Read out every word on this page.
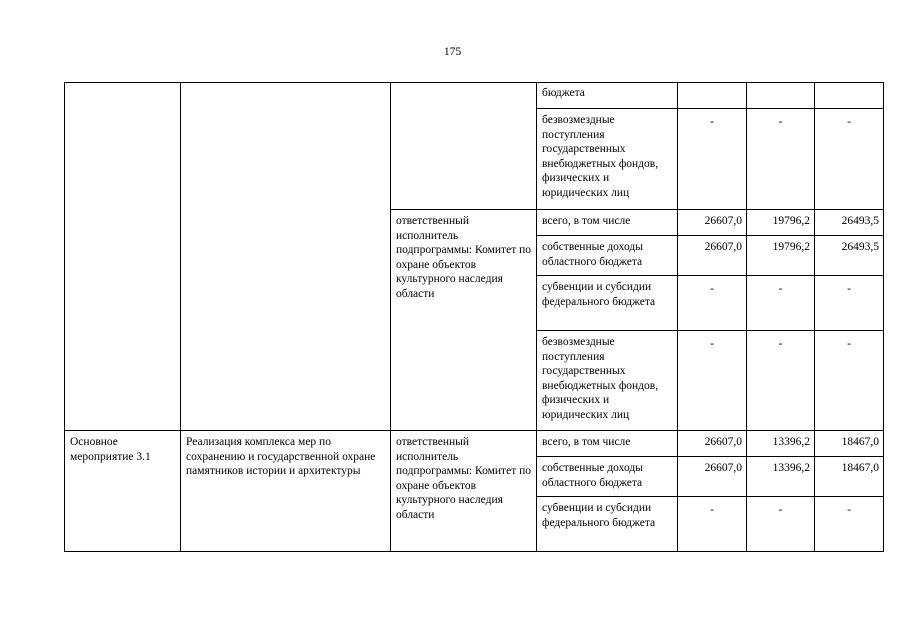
175
			бюджета			
			безвозмездные поступления государственных внебюджетных фондов, физических и юридических лиц	-	-	-
		ответственный исполнитель подпрограммы: Комитет по охране объектов культурного наследия области	всего, в том числе	26607,0	19796,2	26493,5
			собственные доходы областного бюджета	26607,0	19796,2	26493,5
			субвенции и субсидии федерального бюджета	-	-	-
			безвозмездные поступления государственных внебюджетных фондов, физических и юридических лиц	-	-	-
Основное мероприятие 3.1	Реализация комплекса мер по сохранению и государственной охране памятников истории и архитектуры	ответственный исполнитель подпрограммы: Комитет по охране объектов культурного наследия области	всего, в том числе	26607,0	13396,2	18467,0
			собственные доходы областного бюджета	26607,0	13396,2	18467,0
			субвенции и субсидии федерального бюджета	-	-	-
